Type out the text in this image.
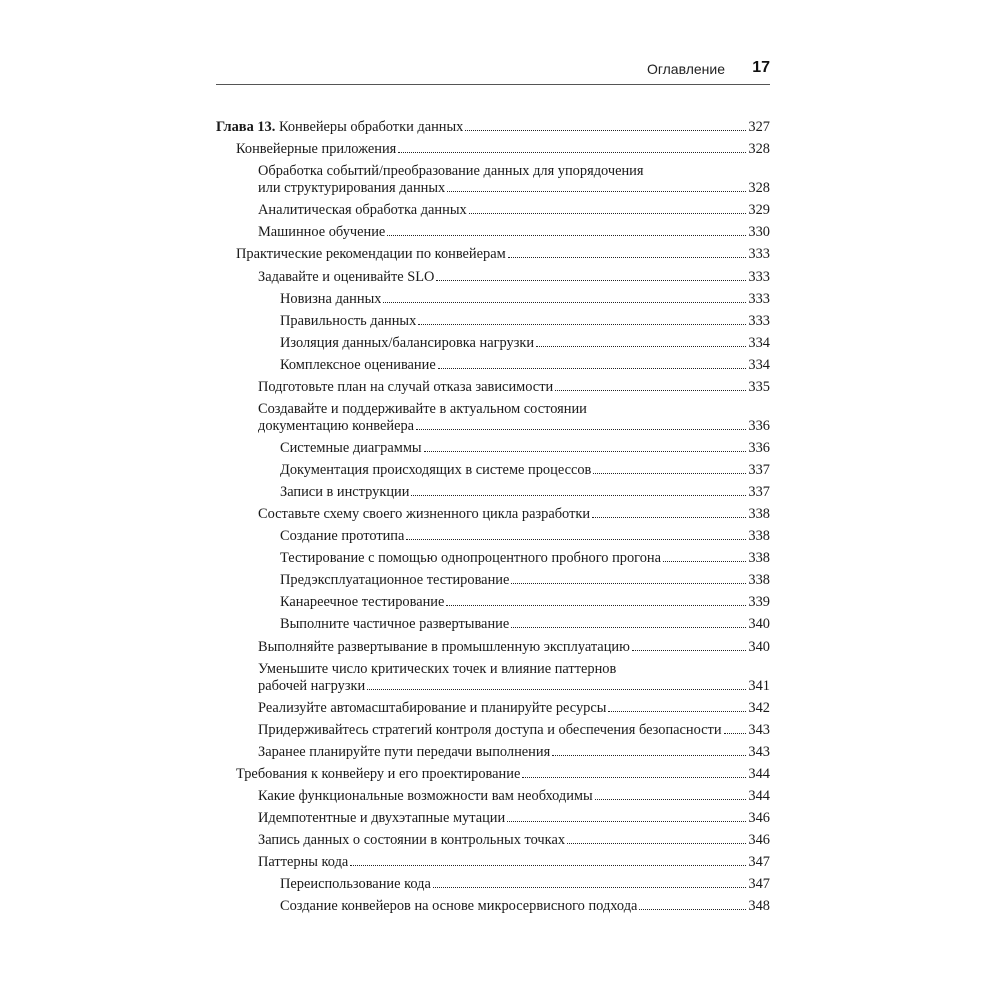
Оглавление 17
Глава 13. Конвейеры обработки данных	327
Конвейерные приложения	328
Обработка событий/преобразование данных для упорядочения
или структурирования данных	328
Аналитическая обработка данных	329
Машинное обучение	330
Практические рекомендации по конвейерам	333
Задавайте и оценивайте SLO	333
Новизна данных	333
Правильность данных	333
Изоляция данных/балансировка нагрузки	334
Комплексное оценивание	334
Подготовьте план на случай отказа зависимости	335
Создавайте и поддерживайте в актуальном состоянии
документацию конвейера	336
Системные диаграммы	336
Документация происходящих в системе процессов	337
Записи в инструкции	337
Составьте схему своего жизненного цикла разработки	338
Создание прототипа	338
Тестирование с помощью однопроцентного пробного прогона	338
Предэксплуатационное тестирование	338
Канареечное тестирование	339
Выполните частичное развертывание	340
Выполняйте развертывание в промышленную эксплуатацию	340
Уменьшите число критических точек и влияние паттернов
рабочей нагрузки	341
Реализуйте автомасштабирование и планируйте ресурсы	342
Придерживайтесь стратегий контроля доступа и обеспечения безопасности 343
Заранее планируйте пути передачи выполнения	343
Требования к конвейеру и его проектирование	344
Какие функциональные возможности вам необходимы	344
Идемпотентные и двухэтапные мутации	346
Запись данных о состоянии в контрольных точках	346
Паттерны кода	347
Переиспользование кода	347
Создание конвейеров на основе микросервисного подхода	348
